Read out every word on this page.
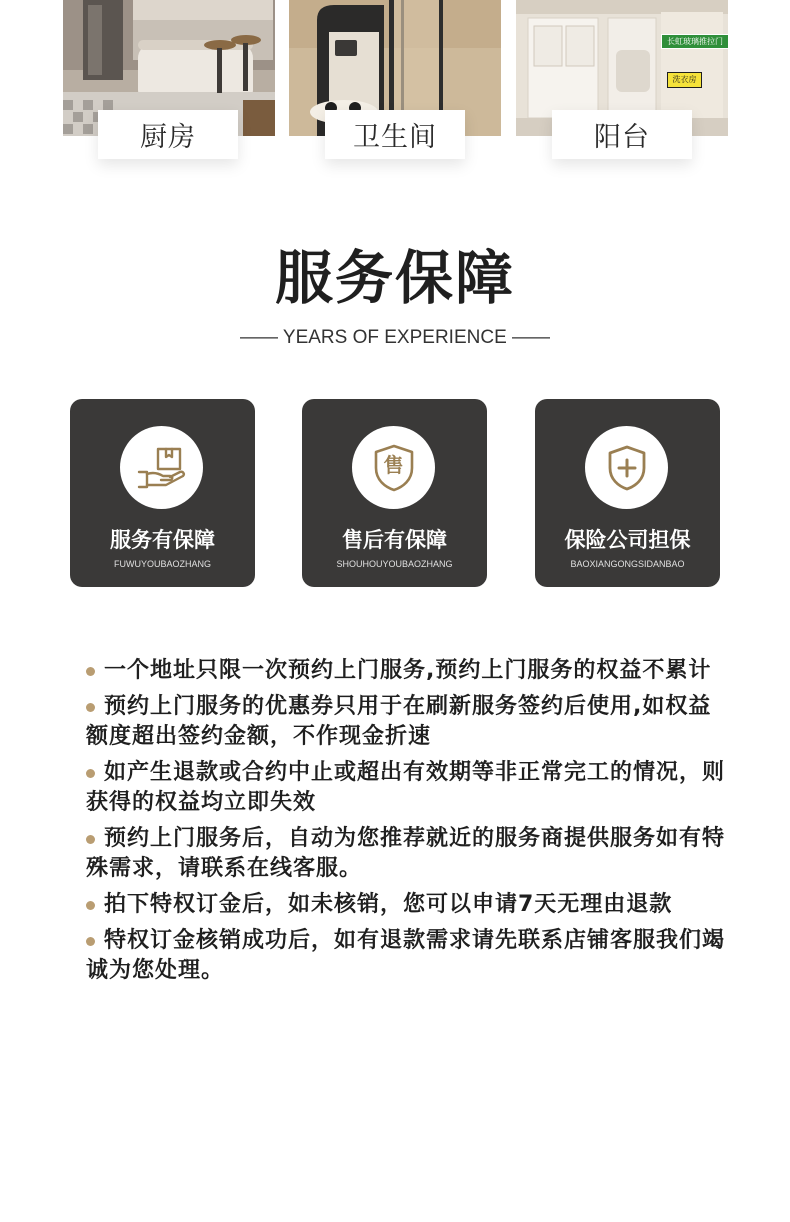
厨房	卫生间
长虹玻璃推拉门
洗衣房
阳台
服务保障
—— YEARS OF EXPERIENCE ——
服务有保障
FUWUYOUBAOZHANG
售
售后有保障
SHOUHOUYOUBAOZHANG
保险公司担保
BAOXIANGONGSIDANBAO
一个地址只限一次预约上门服务,预约上门服务的权益不累计
预约上门服务的优惠券只用于在刷新服务签约后使用,如权益额度超出签约金额，不作现金折速
如产生退款或合约中止或超出有效期等非正常完工的情况，则获得的权益均立即失效
预约上门服务后，自动为您推荐就近的服务商提供服务如有特殊需求，请联系在线客服。
拍下特权订金后，如未核销，您可以申请7天无理由退款
特权订金核销成功后，如有退款需求请先联系店铺客服我们竭诚为您处理。
